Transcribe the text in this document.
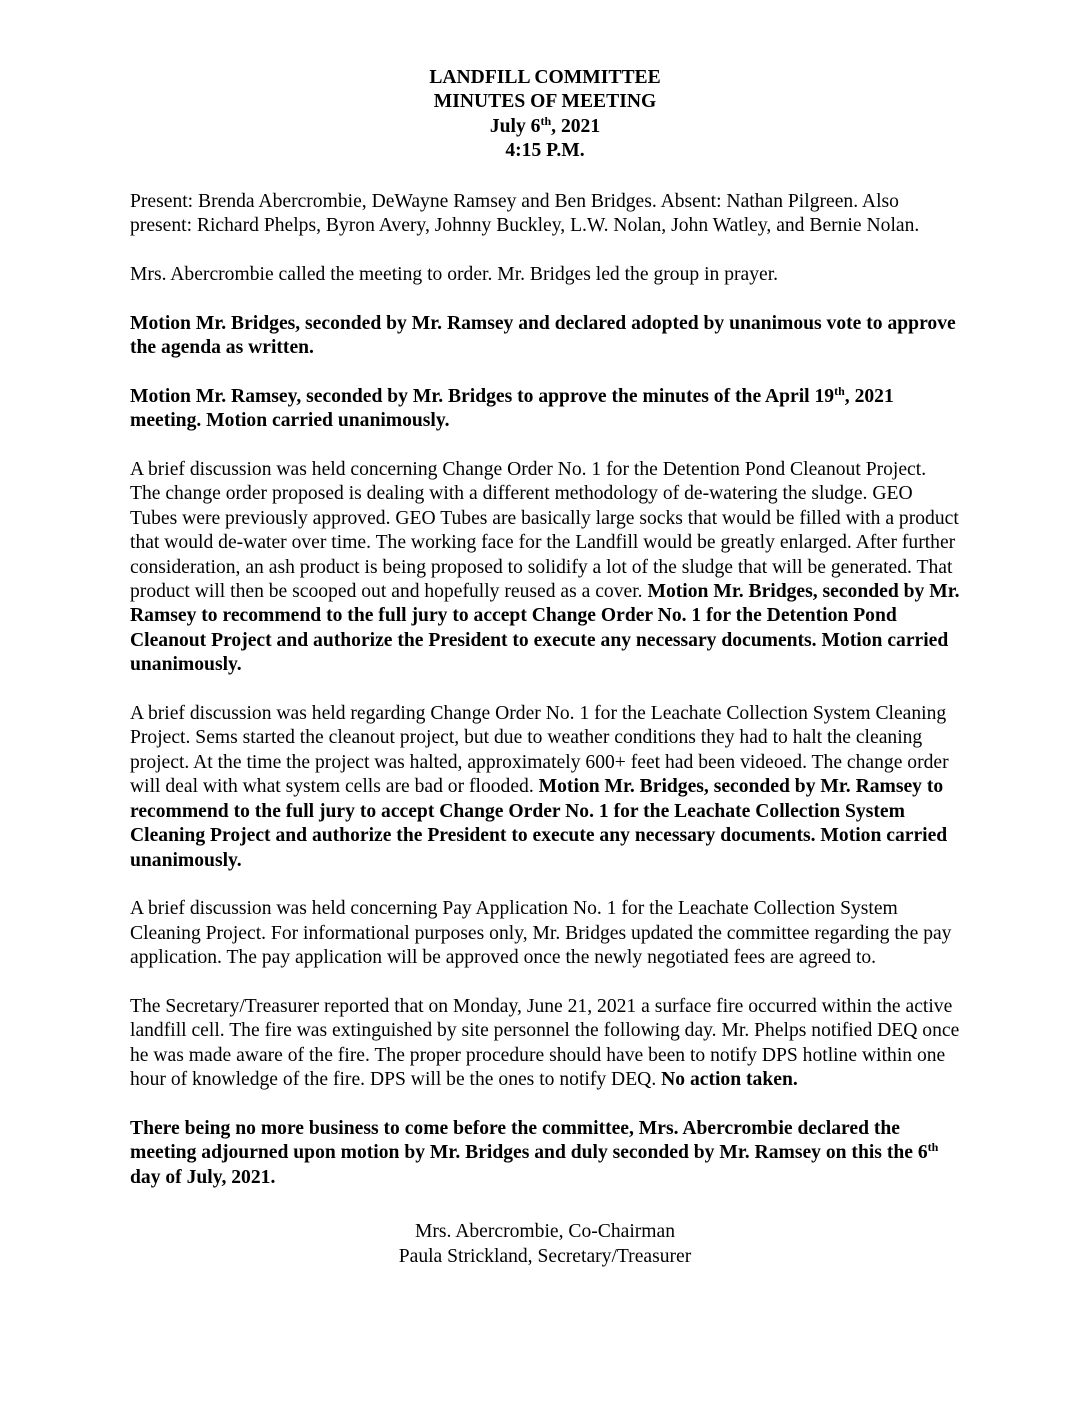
LANDFILL COMMITTEE
MINUTES OF MEETING
July 6th, 2021
4:15 P.M.

Present: Brenda Abercrombie, DeWayne Ramsey and Ben Bridges. Absent: Nathan Pilgreen. Also present: Richard Phelps, Byron Avery, Johnny Buckley, L.W. Nolan, John Watley, and Bernie Nolan.

Mrs. Abercrombie called the meeting to order. Mr. Bridges led the group in prayer.

Motion Mr. Bridges, seconded by Mr. Ramsey and declared adopted by unanimous vote to approve the agenda as written.

Motion Mr. Ramsey, seconded by Mr. Bridges to approve the minutes of the April 19th, 2021 meeting. Motion carried unanimously.

A brief discussion was held concerning Change Order No. 1 for the Detention Pond Cleanout Project. The change order proposed is dealing with a different methodology of de-watering the sludge. GEO Tubes were previously approved. GEO Tubes are basically large socks that would be filled with a product that would de-water over time. The working face for the Landfill would be greatly enlarged. After further consideration, an ash product is being proposed to solidify a lot of the sludge that will be generated. That product will then be scooped out and hopefully reused as a cover. Motion Mr. Bridges, seconded by Mr. Ramsey to recommend to the full jury to accept Change Order No. 1 for the Detention Pond Cleanout Project and authorize the President to execute any necessary documents. Motion carried unanimously.

A brief discussion was held regarding Change Order No. 1 for the Leachate Collection System Cleaning Project. Sems started the cleanout project, but due to weather conditions they had to halt the cleaning project. At the time the project was halted, approximately 600+ feet had been videoed. The change order will deal with what system cells are bad or flooded. Motion Mr. Bridges, seconded by Mr. Ramsey to recommend to the full jury to accept Change Order No. 1 for the Leachate Collection System Cleaning Project and authorize the President to execute any necessary documents. Motion carried unanimously.

A brief discussion was held concerning Pay Application No. 1 for the Leachate Collection System Cleaning Project. For informational purposes only, Mr. Bridges updated the committee regarding the pay application. The pay application will be approved once the newly negotiated fees are agreed to.

The Secretary/Treasurer reported that on Monday, June 21, 2021 a surface fire occurred within the active landfill cell. The fire was extinguished by site personnel the following day. Mr. Phelps notified DEQ once he was made aware of the fire. The proper procedure should have been to notify DPS hotline within one hour of knowledge of the fire. DPS will be the ones to notify DEQ. No action taken.

There being no more business to come before the committee, Mrs. Abercrombie declared the meeting adjourned upon motion by Mr. Bridges and duly seconded by Mr. Ramsey on this the 6th day of July, 2021.

Mrs. Abercrombie, Co-Chairman
Paula Strickland, Secretary/Treasurer
